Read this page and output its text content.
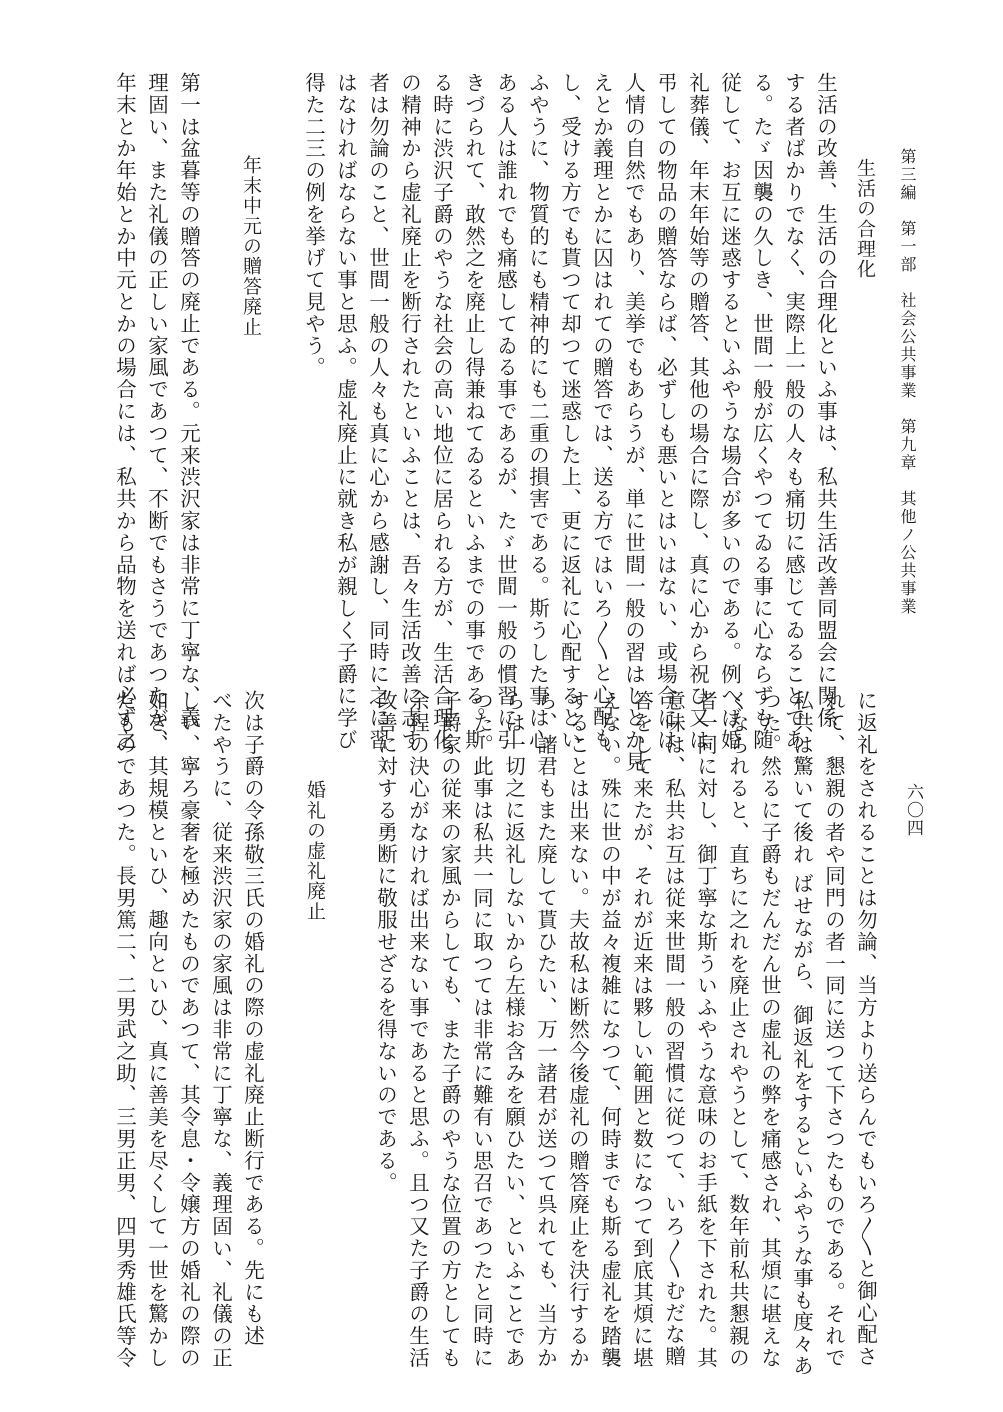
第三編　第一部　社会公共事業　第九章　其他ノ公共事業
六〇四
生活の合理化
生活の改善、生活の合理化といふ事は、私共生活改善同盟会に関係
する者ばかりでなく、実際上一般の人々も痛切に感じてゐることであ
る。たゞ因襲の久しき、世間一般が広くやつてゐる事に心ならずも随
従して、お互に迷惑するといふやうな場合が多いのである。例へば婚
礼葬儀、年末年始等の贈答、其他の場合に際し、真に心から祝ひ又は
弔しての物品の贈答ならば、必ずしも悪いとはいはない、或場合には
人情の自然でもあり、美挙でもあらうが、単に世間一般の習はしとか見
えとか義理とかに囚はれての贈答では、送る方ではいろ〳〵と心配も
し、受ける方でも貰つて却つて迷惑した上、更に返礼に心配するとい
ふやうに、物質的にも精神的にも二重の損害である。斯うした事は心
ある人は誰れでも痛感してゐる事であるが、たゞ世間一般の慣習に引
きづられて、敢然之を廃止し得兼ねてゐるといふまでの事である。斯
る時に渋沢子爵のやうな社会の高い地位に居られる方が、生活合理化
の精神から虚礼廃止を断行されたといふことは、吾々生活改善に志す
者は勿論のこと、世間一般の人々も真に心から感謝し、同時に之に習
はなければならない事と思ふ。虚礼廃止に就き私が親しく子爵に学び
得た二三の例を挙げて見やう。
年末中元の贈答廃止
第一は盆暮等の贈答の廃止である。元来渋沢家は非常に丁寧な、義
理固い、また礼儀の正しい家風であつて、不断でもさうであつたが、
年末とか年始とか中元とかの場合には、私共から品物を送れば必ず之
に返礼をされることは勿論、当方より送らんでもいろ〳〵と御心配さ
れて、懇親の者や同門の者一同に送つて下さつたものである。それで
私共は驚いて後れ ばせながら、御返礼をするといふやうな事も度々あ
つた。然るに子爵もだんだん世の虚礼の弊を痛感され、其煩に堪えな
くなられると、直ちに之れを廃止されやうとして、数年前私共懇親の
者一同に対し、御丁寧な斯ういふやうな意味のお手紙を下された。其
意味は、私共お互は従来世間一般の習慣に従つて、いろ〳〵むだな贈
答をして来たが、それが近来は夥しい範囲と数になつて到底其煩に堪
えない。殊に世の中が益々複雑になつて、何時までも斯る虚礼を踏襲
することは出来ない。夫故私は断然今後虚礼の贈答廃止を決行するか
ら、諸君もまた廃して貰ひたい、万一諸君が送つて呉れても、当方か
らは一切之に返礼しないから左様お含みを願ひたい、といふことであ
つた。此事は私共一同に取つては非常に難有い思召であつたと同時に
子爵家の従来の家風からしても、また子爵のやうな位置の方としても
余程の決心がなければ出来ない事であると思ふ。且つ又た子爵の生活
改善に対する勇断に敬服せざるを得ないのである。
婚礼の虚礼廃止
次は子爵の令孫敬三氏の婚礼の際の虚礼廃止断行である。先にも述
べたやうに、従来渋沢家の家風は非常に丁寧な、義理固い、礼儀の正
しい、寧ろ豪奢を極めたものであつて、其令息・令嬢方の婚礼の際の
如き、其規模といひ、趣向といひ、真に善美を尽くして一世を驚かし
たものであつた。長男篤二、二男武之助、三男正男、四男秀雄氏等令
